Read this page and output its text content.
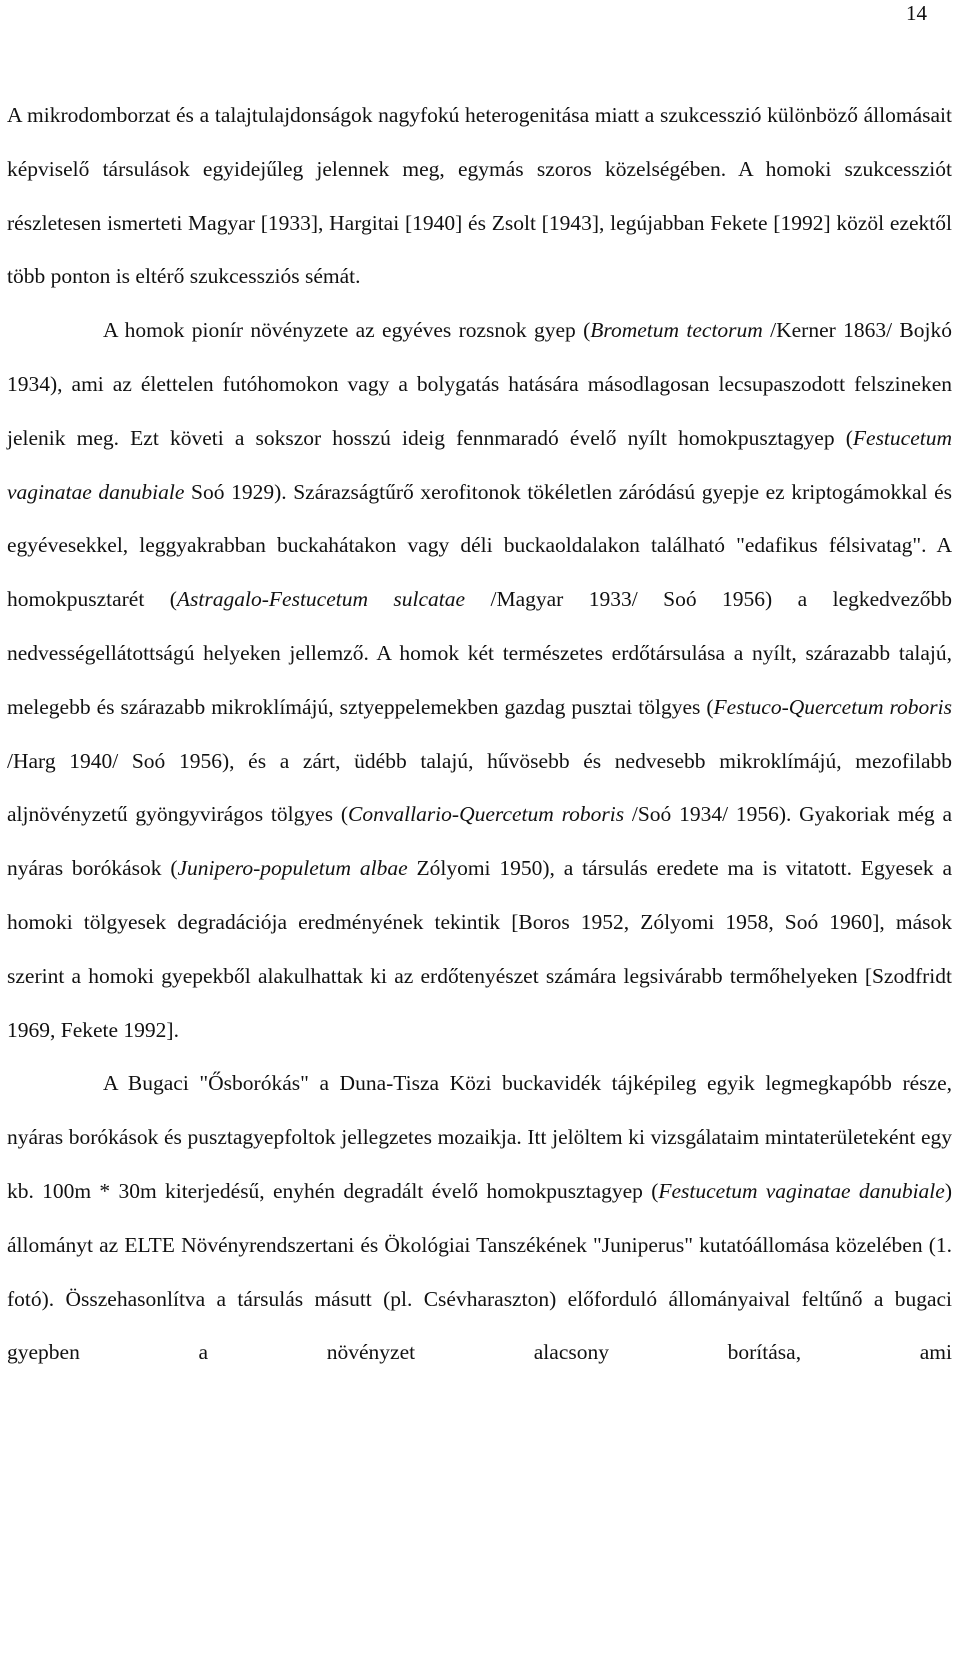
14

A mikrodomborzat és a talajtulajdonságok nagyfokú heterogenitása miatt a szukcesszió különböző állomásait képviselő társulások egyidejűleg jelennek meg, egymás szoros közelségében. A homoki szukcessziót részletesen ismerteti Magyar [1933], Hargitai [1940] és Zsolt [1943], legújabban Fekete [1992] közöl ezektől több ponton is eltérő szukcessziós sémát.

A homok pionír növényzete az egyéves rozsnok gyep (Brometum tectorum /Kerner 1863/ Bojkó 1934), ami az élettelen futóhomokon vagy a bolygatás hatására másodlagosan lecsupaszodott felszineken jelenik meg. Ezt követi a sokszor hosszú ideig fennmaradó évelő nyílt homokpusztagyep (Festucetum vaginatae danubiale Soó 1929). Szárazságtűrő xerofitonok tökéletlen záródású gyepje ez kriptogámokkal és egyévesekkel, leggyakrabban buckahátakon vagy déli buckaoldalakon található "edafikus félsivatag". A homokpusztarét (Astragalo-Festucetum sulcatae /Magyar 1933/ Soó 1956) a legkedvezőbb nedvességellátottságú helyeken jellemző. A homok két természetes erdőtársulása a nyílt, szárazabb talajú, melegebb és szárazabb mikroklímájú, sztyeppelemekben gazdag pusztai tölgyes (Festuco-Quercetum roboris /Harg 1940/ Soó 1956), és a zárt, üdébb talajú, hűvösebb és nedvesebb mikroklímájú, mezofilabb aljnövényzetű gyöngyvirágos tölgyes (Convallario-Quercetum roboris /Soó 1934/ 1956). Gyakoriak még a nyáras borókások (Junipero-populetum albae Zólyomi 1950), a társulás eredete ma is vitatott. Egyesek a homoki tölgyesek degradációja eredményének tekintik [Boros 1952, Zólyomi 1958, Soó 1960], mások szerint a homoki gyepekből alakulhattak ki az erdőtenyészet számára legsivárabb termőhelyeken [Szodfridt 1969, Fekete 1992].

A Bugaci "Ősborókás" a Duna-Tisza Közi buckavidék tájképileg egyik legmegkapóbb része, nyáras borókások és pusztagyepfoltok jellegzetes mozaikja. Itt jelöltem ki vizsgálataim mintaterületeként egy kb. 100m * 30m kiterjedésű, enyhén degradált évelő homokpusztagyep (Festucetum vaginatae danubiale) állományt az ELTE Növényrendszertani és Ökológiai Tanszékének "Juniperus" kutatóállomása közelében (1. fotó). Összehasonlítva a társulás másutt (pl. Csévharaszton) előforduló állományaival feltűnő a bugaci gyepben a növényzet alacsony borítása, ami
